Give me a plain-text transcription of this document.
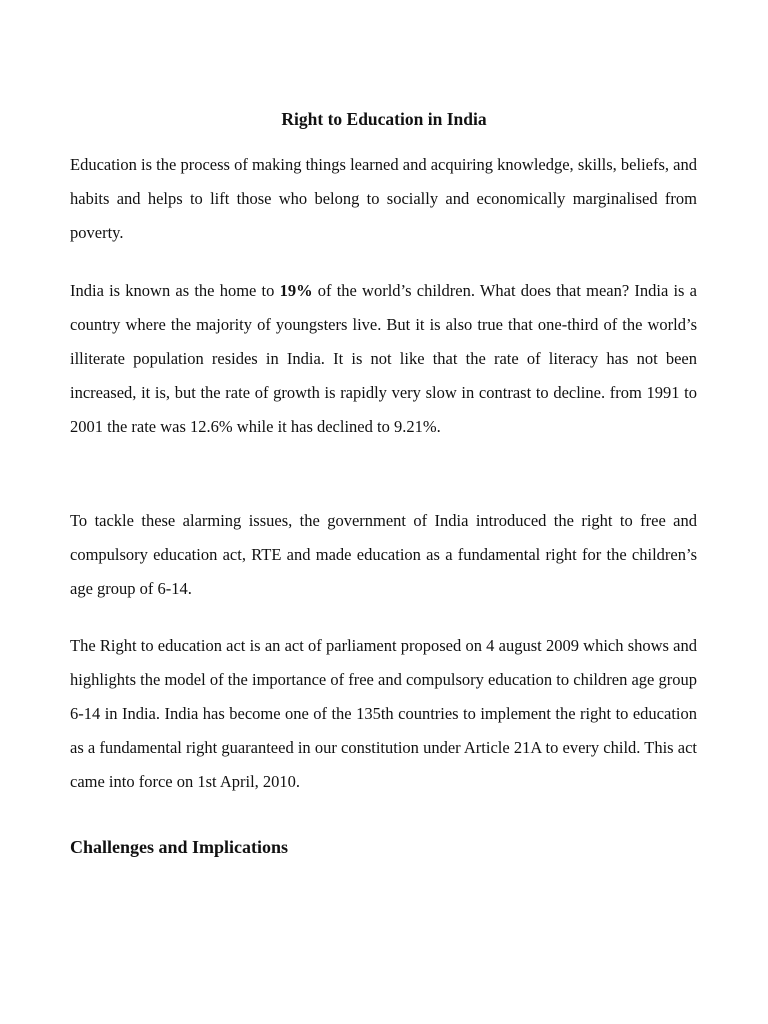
Right to Education in India

Education is the process of making things learned and acquiring knowledge, skills, beliefs, and habits and helps to lift those who belong to socially and economically marginalised from poverty.

India is known as the home to 19% of the world’s children. What does that mean? India is a country where the majority of youngsters live. But it is also true that one-third of the world’s illiterate population resides in India. It is not like that the rate of literacy has not been increased, it is, but the rate of growth is rapidly very slow in contrast to decline. from 1991 to 2001 the rate was 12.6% while it has declined to 9.21%.

To tackle these alarming issues, the government of India introduced the right to free and compulsory education act, RTE and made education as a fundamental right for the children’s age group of 6-14.

The Right to education act is an act of parliament proposed on 4 august 2009 which shows and highlights the model of the importance of free and compulsory education to children age group 6-14 in India. India has become one of the 135th countries to implement the right to education as a fundamental right guaranteed in our constitution under Article 21A to every child. This act came into force on 1st April, 2010.

Challenges and Implications
